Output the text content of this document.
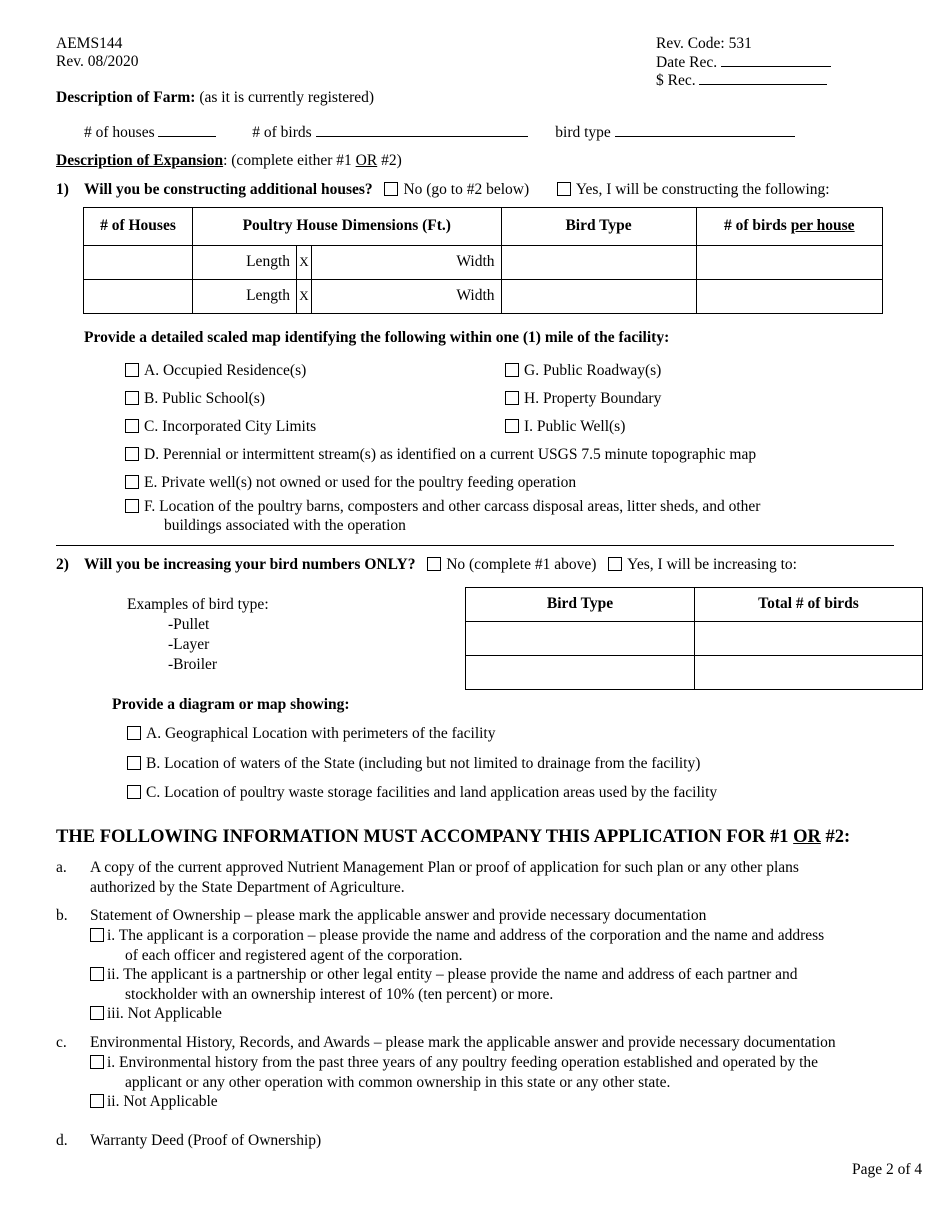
AEMS144
Rev. 08/2020
Rev. Code: 531
Date Rec.
$ Rec.
Description of Farm: (as it is currently registered)
# of houses	# of birds	bird type
Description of Expansion: (complete either #1 OR #2)
1) Will you be constructing additional houses? No (go to #2 below)	Yes, I will be constructing the following:
# of Houses	Poultry House Dimensions (Ft.)			Bird Type	# of birds per house
	Length	X	Width		
	Length	X	Width		
Provide a detailed scaled map identifying the following within one (1) mile of the facility:
A. Occupied Residence(s)
B. Public School(s)
C. Incorporated City Limits
G. Public Roadway(s)
H. Property Boundary
I. Public Well(s)
D. Perennial or intermittent stream(s) as identified on a current USGS 7.5 minute topographic map
E. Private well(s) not owned or used for the poultry feeding operation
F. Location of the poultry barns, composters and other carcass disposal areas, litter sheds, and other
buildings associated with the operation
2) Will you be increasing your bird numbers ONLY? No (complete #1 above) Yes, I will be increasing to:
Examples of bird type:
-Pullet
-Layer
-Broiler
Bird Type	Total # of birds

Provide a diagram or map showing:
A. Geographical Location with perimeters of the facility
B. Location of waters of the State (including but not limited to drainage from the facility)
C. Location of poultry waste storage facilities and land application areas used by the facility
THE FOLLOWING INFORMATION MUST ACCOMPANY THIS APPLICATION FOR #1 OR #2:
a. A copy of the current approved Nutrient Management Plan or proof of application for such plan or any other plans
authorized by the State Department of Agriculture.
b. Statement of Ownership – please mark the applicable answer and provide necessary documentation
i. The applicant is a corporation – please provide the name and address of the corporation and the name and address
of each officer and registered agent of the corporation.
ii. The applicant is a partnership or other legal entity – please provide the name and address of each partner and
stockholder with an ownership interest of 10% (ten percent) or more.
iii. Not Applicable
c. Environmental History, Records, and Awards – please mark the applicable answer and provide necessary documentation
i. Environmental history from the past three years of any poultry feeding operation established and operated by the
applicant or any other operation with common ownership in this state or any other state.
ii. Not Applicable
d. Warranty Deed (Proof of Ownership)
Page 2 of 4
